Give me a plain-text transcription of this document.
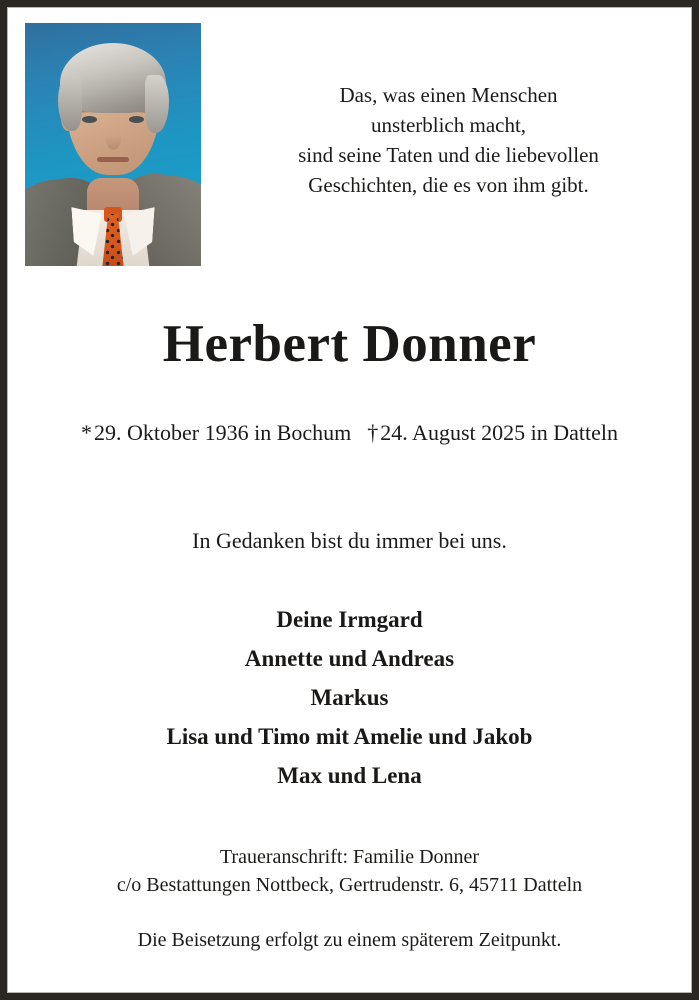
Das, was einen Menschen
unsterblich macht,
sind seine Taten und die liebevollen
Geschichten, die es von ihm gibt.
Herbert Donner
*29. Oktober 1936 in Bochum †24. August 2025 in Datteln
In Gedanken bist du immer bei uns.
Deine Irmgard
Annette und Andreas
Markus
Lisa und Timo mit Amelie und Jakob
Max und Lena
Traueranschrift: Familie Donner
c/o Bestattungen Nottbeck, Gertrudenstr. 6, 45711 Datteln
Die Beisetzung erfolgt zu einem späterem Zeitpunkt.
